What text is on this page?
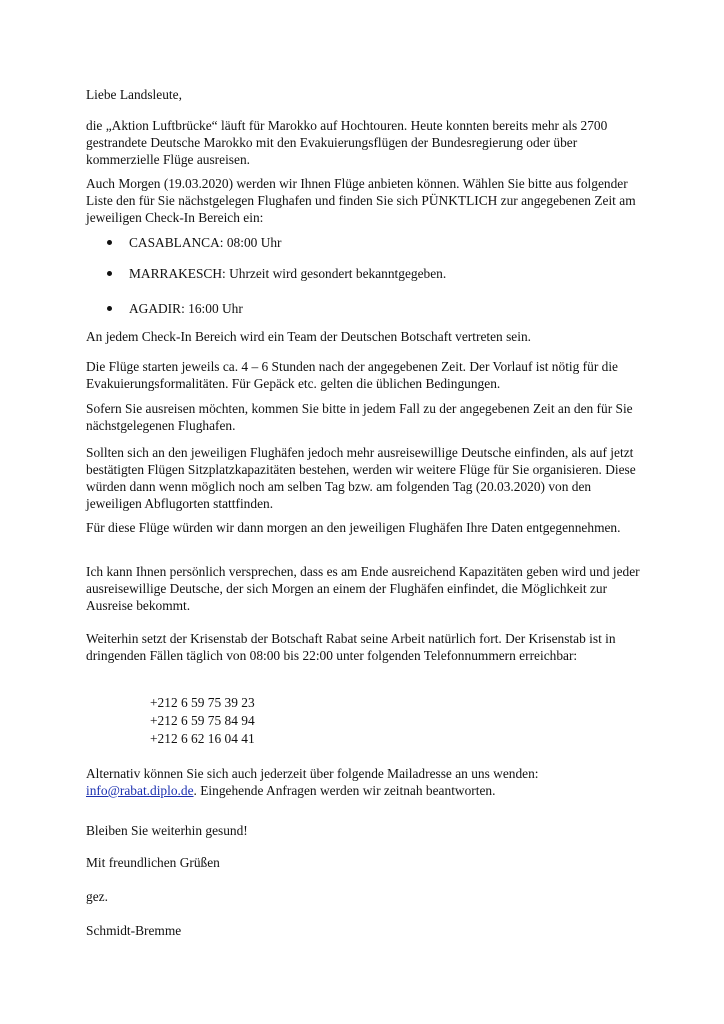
Liebe Landsleute,

die „Aktion Luftbrücke“ läuft für Marokko auf Hochtouren. Heute konnten bereits mehr als 2700 gestrandete Deutsche Marokko mit den Evakuierungsflügen der Bundesregierung oder über kommerzielle Flüge ausreisen.

Auch Morgen (19.03.2020) werden wir Ihnen Flüge anbieten können. Wählen Sie bitte aus folgender Liste den für Sie nächstgelegen Flughafen und finden Sie sich PÜNKTLICH zur angegebenen Zeit am jeweiligen Check-In Bereich ein:

CASABLANCA: 08:00 Uhr
MARRAKESCH: Uhrzeit wird gesondert bekanntgegeben.
AGADIR: 16:00 Uhr

An jedem Check-In Bereich wird ein Team der Deutschen Botschaft vertreten sein.

Die Flüge starten jeweils ca. 4 – 6 Stunden nach der angegebenen Zeit. Der Vorlauf ist nötig für die Evakuierungsformalitäten. Für Gepäck etc. gelten die üblichen Bedingungen.

Sofern Sie ausreisen möchten, kommen Sie bitte in jedem Fall zu der angegebenen Zeit an den für Sie nächstgelegenen Flughafen.

Sollten sich an den jeweiligen Flughäfen jedoch mehr ausreisewillige Deutsche einfinden, als auf jetzt bestätigten Flügen Sitzplatzkapazitäten bestehen, werden wir weitere Flüge für Sie organisieren. Diese würden dann wenn möglich noch am selben Tag bzw. am folgenden Tag (20.03.2020) von den jeweiligen Abflugorten stattfinden.

Für diese Flüge würden wir dann morgen an den jeweiligen Flughäfen Ihre Daten entgegennehmen.

Ich kann Ihnen persönlich versprechen, dass es am Ende ausreichend Kapazitäten geben wird und jeder ausreisewillige Deutsche, der sich Morgen an einem der Flughäfen einfindet, die Möglichkeit zur Ausreise bekommt.

Weiterhin setzt der Krisenstab der Botschaft Rabat seine Arbeit natürlich fort. Der Krisenstab ist in dringenden Fällen täglich von 08:00 bis 22:00 unter folgenden Telefonnummern erreichbar:

+212 6 59 75 39 23
+212 6 59 75 84 94
+212 6 62 16 04 41

Alternativ können Sie sich auch jederzeit über folgende Mailadresse an uns wenden: info@rabat.diplo.de. Eingehende Anfragen werden wir zeitnah beantworten.

Bleiben Sie weiterhin gesund!

Mit freundlichen Grüßen

gez.

Schmidt-Bremme
